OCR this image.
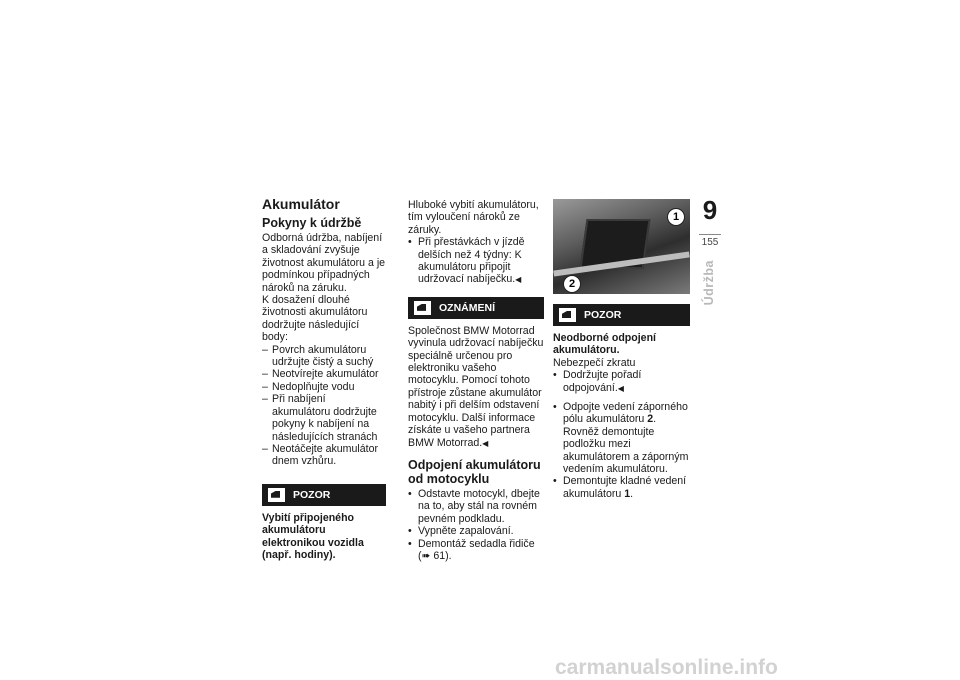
Akumulátor
Pokyny k údržbě

Odborná údržba, nabíjení a skladování zvyšuje životnost akumulátoru a je podmínkou případných nároků na záruku.

K dosažení dlouhé životnosti akumulátoru dodržujte následující body:

– Povrch akumulátoru udržujte čistý a suchý
– Neotvírejte akumulátor
– Nedoplňujte vodu
– Při nabíjení akumulátoru dodržujte pokyny k nabíjení na následujících stranách
– Neotáčejte akumulátor dnem vzhůru.
POZOR

Vybití připojeného akumulátoru elektronikou vozidla (např. hodiny).

Hluboké vybití akumulátoru, tím vyloučení nároků ze záruky.

• Při přestávkách v jízdě delších než 4 týdny: K akumulátoru připojit udržovací nabíječku. ◀
OZNÁMENÍ

Společnost BMW Motorrad vyvinula udržovací nabíječku speciálně určenou pro elektroniku vašeho motocyklu. Pomocí tohoto přístroje zůstane akumulátor nabitý i při delším odstavení motocyklu. Další informace získáte u vašeho partnera BMW Motorrad. ◀

Odpojení akumulátoru od motocyklu
• Odstavte motocykl, dbejte na to, aby stál na rovném pevném podkladu.
• Vypněte zapalování.
• Demontáž sedadla řidiče (➠ 61).
1
2
POZOR

Neodborné odpojení akumulátoru.

Nebezpečí zkratu

• Dodržujte pořadí odpojování. ◀
• Odpojte vedení záporného pólu akumulátoru 2. Rovněž demontujte podložku mezi akumulátorem a záporným vedením akumulátoru.
• Demontujte kladné vedení akumulátoru 1.
9
155
Údržba
carmanualsonline.info
